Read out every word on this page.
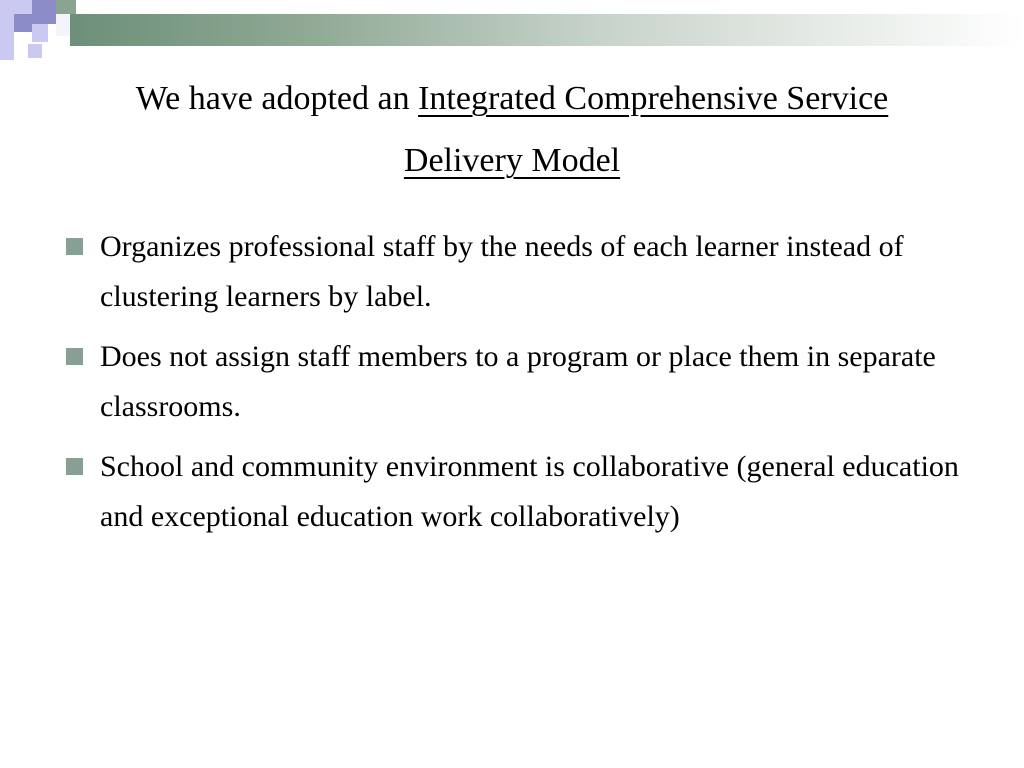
We have adopted an Integrated Comprehensive Service
Delivery Model
Organizes professional staff by the needs of each learner instead of clustering learners by label.
Does not assign staff members to a program or place them in separate classrooms.
School and community environment is collaborative (general education and exceptional education work collaboratively)
